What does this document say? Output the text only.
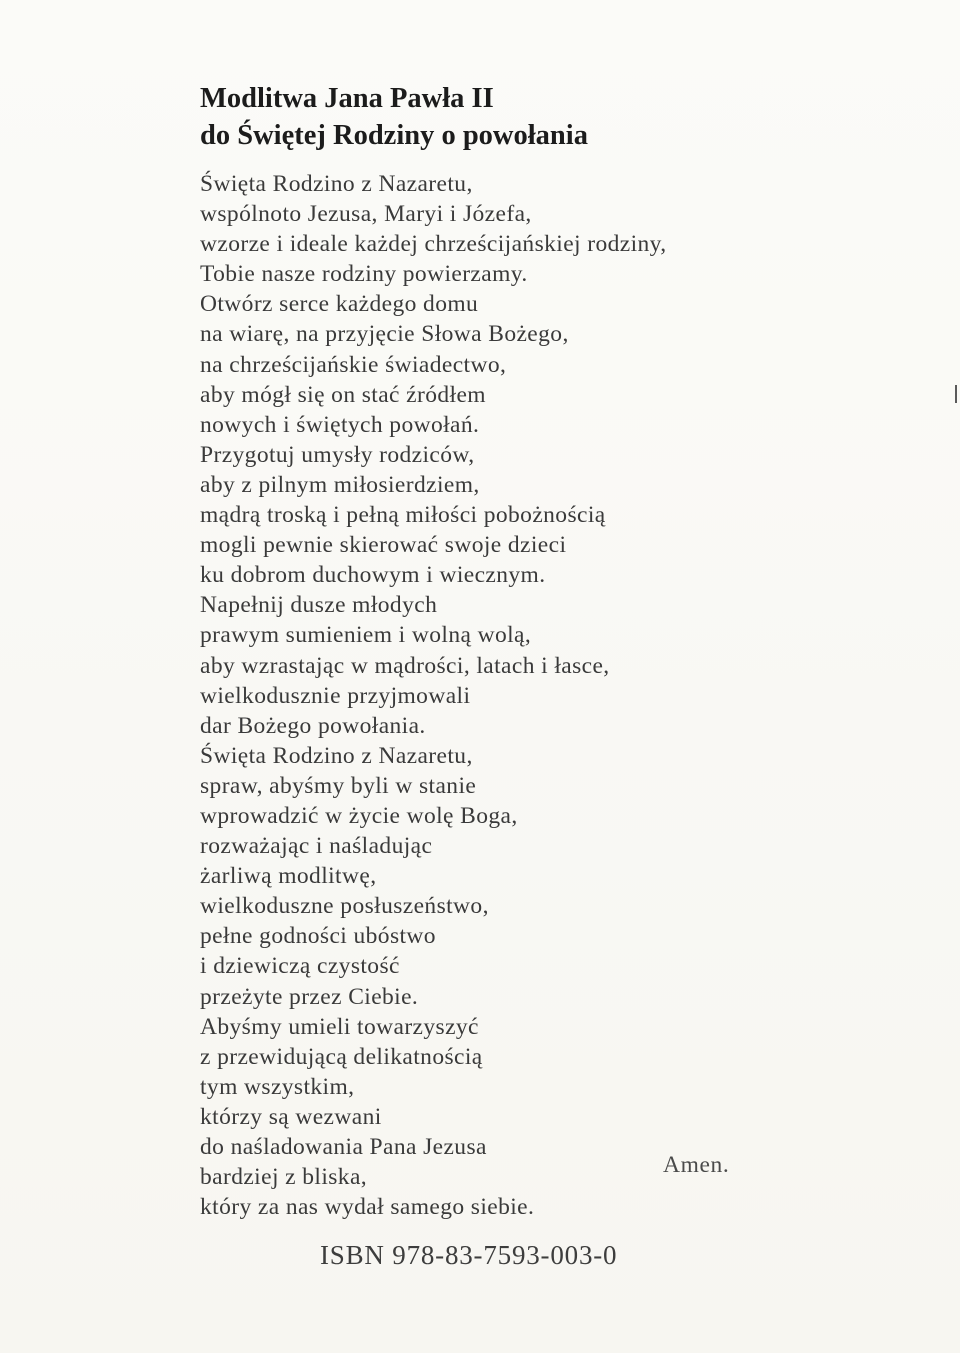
Modlitwa Jana Pawła II
do Świętej Rodziny o powołania
Święta Rodzino z Nazaretu,
wspólnoto Jezusa, Maryi i Józefa,
wzorze i ideale każdej chrześcijańskiej rodziny,
Tobie nasze rodziny powierzamy.
Otwórz serce każdego domu
na wiarę, na przyjęcie Słowa Bożego,
na chrześcijańskie świadectwo,
aby mógł się on stać źródłem
nowych i świętych powołań.
Przygotuj umysły rodziców,
aby z pilnym miłosierdziem,
mądrą troską i pełną miłości pobożnością
mogli pewnie skierować swoje dzieci
ku dobrom duchowym i wiecznym.
Napełnij dusze młodych
prawym sumieniem i wolną wolą,
aby wzrastając w mądrości, latach i łasce,
wielkodusznie przyjmowali
dar Bożego powołania.
Święta Rodzino z Nazaretu,
spraw, abyśmy byli w stanie
wprowadzić w życie wolę Boga,
rozważając i naśladując
żarliwą modlitwę,
wielkoduszne posłuszeństwo,
pełne godności ubóstwo
i dziewiczą czystość
przeżyte przez Ciebie.
Abyśmy umieli towarzyszyć
z przewidującą delikatnością
tym wszystkim,
którzy są wezwani
do naśladowania Pana Jezusa
bardziej z bliska,
który za nas wydał samego siebie.
Amen.
ISBN 978-83-7593-003-0
